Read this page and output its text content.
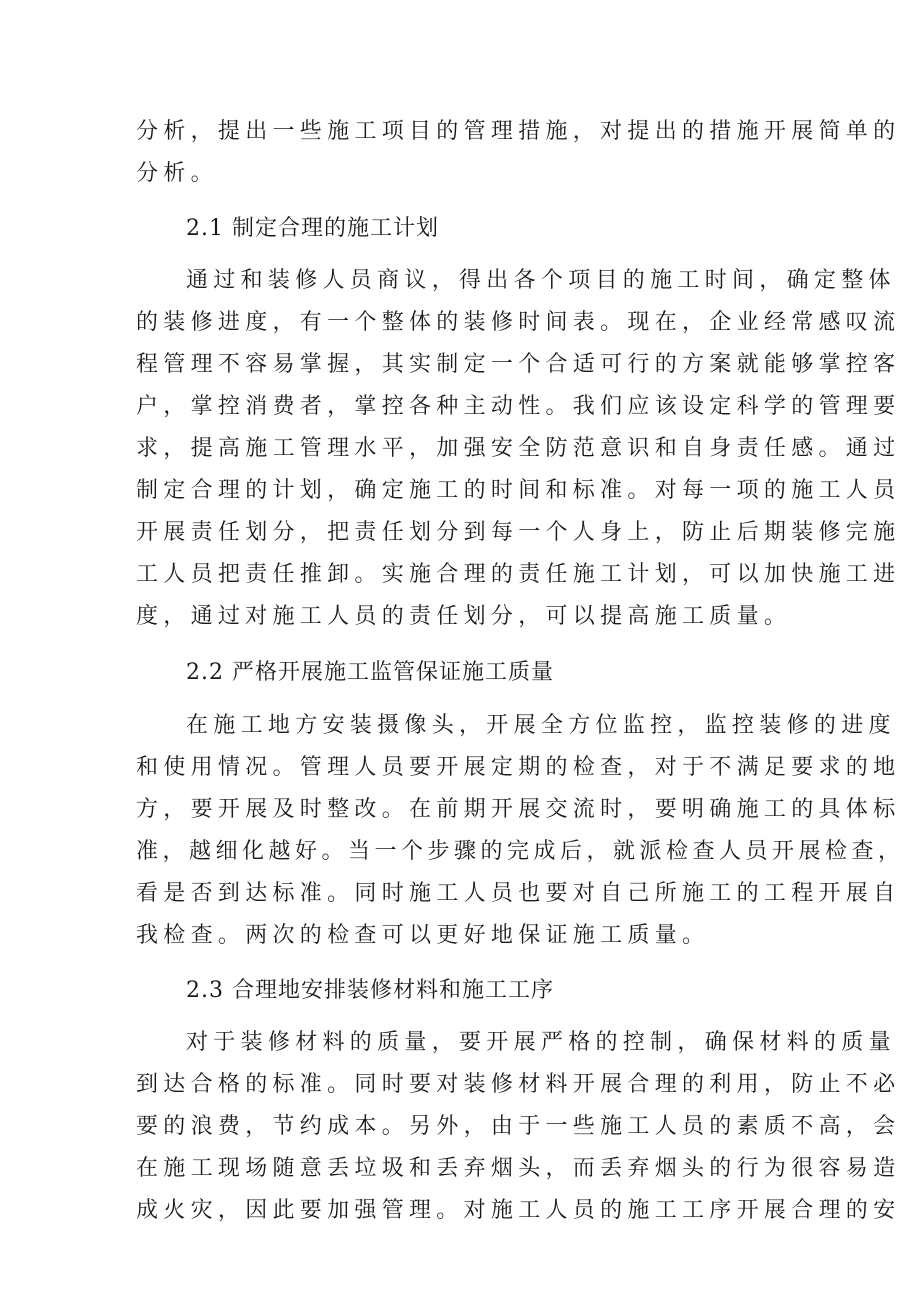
分析，提出一些施工项目的管理措施，对提出的措施开展简单的
分析。
2.1 制定合理的施工计划
通过和装修人员商议，得出各个项目的施工时间，确定整体
的装修进度，有一个整体的装修时间表。现在，企业经常感叹流
程管理不容易掌握，其实制定一个合适可行的方案就能够掌控客
户，掌控消费者，掌控各种主动性。我们应该设定科学的管理要
求，提高施工管理水平，加强安全防范意识和自身责任感。通过
制定合理的计划，确定施工的时间和标准。对每一项的施工人员
开展责任划分，把责任划分到每一个人身上，防止后期装修完施
工人员把责任推卸。实施合理的责任施工计划，可以加快施工进
度，通过对施工人员的责任划分，可以提高施工质量。
2.2 严格开展施工监管保证施工质量
在施工地方安装摄像头，开展全方位监控，监控装修的进度
和使用情况。管理人员要开展定期的检查，对于不满足要求的地
方，要开展及时整改。在前期开展交流时，要明确施工的具体标
准，越细化越好。当一个步骤的完成后，就派检查人员开展检查，
看是否到达标准。同时施工人员也要对自己所施工的工程开展自
我检查。两次的检查可以更好地保证施工质量。
2.3 合理地安排装修材料和施工工序
对于装修材料的质量，要开展严格的控制，确保材料的质量
到达合格的标准。同时要对装修材料开展合理的利用，防止不必
要的浪费，节约成本。另外，由于一些施工人员的素质不高，会
在施工现场随意丢垃圾和丢弃烟头，而丢弃烟头的行为很容易造
成火灾，因此要加强管理。对施工人员的施工工序开展合理的安
